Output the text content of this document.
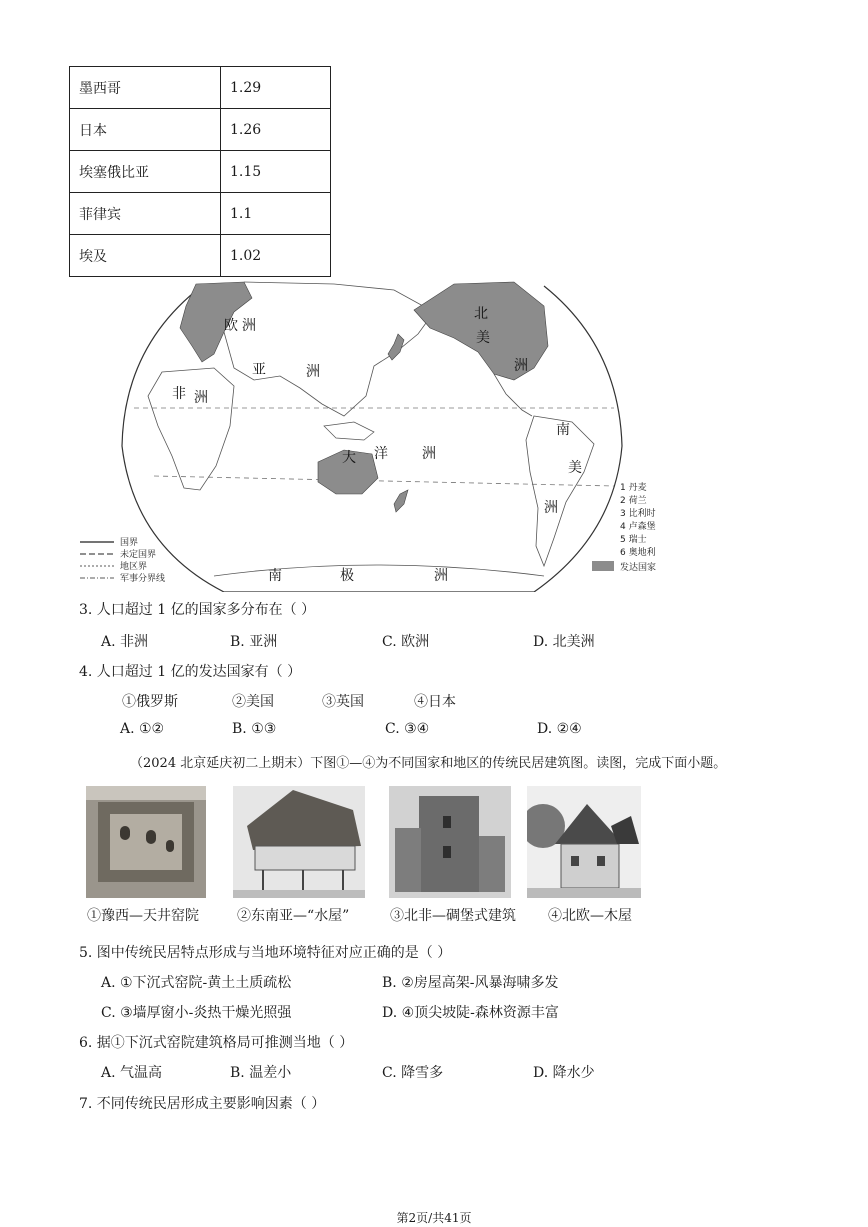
墨西哥	1.29
日本	1.26
埃塞俄比亚	1.15
菲律宾	1.1
埃及	1.02
欧 洲
亚	洲
非 洲
北
美
洲
大 洋 洲
南
美
洲
南	极	洲
国界
未定国界
地区界
军事分界线
1 丹麦
2 荷兰
3 比利时
4 卢森堡
5 瑞士
6 奥地利
发达国家
3. 人口超过 1 亿的国家多分布在（ ）
A. 非洲	B. 亚洲	C. 欧洲	D. 北美洲
4. 人口超过 1 亿的发达国家有（ ）
①俄罗斯	②美国	③英国	④日本
A. ①②	B. ①③	C. ③④	D. ②④
（2024 北京延庆初二上期末）下图①—④为不同国家和地区的传统民居建筑图。读图，完成下面小题。
①豫西—天井窑院	②东南亚—“水屋”	③北非—碉堡式建筑 ④北欧—木屋
5. 图中传统民居特点形成与当地环境特征对应正确的是（ ）
A. ①下沉式窑院-黄土土质疏松	B. ②房屋高架-风暴海啸多发
C. ③墙厚窗小-炎热干燥光照强	D. ④顶尖坡陡-森林资源丰富
6. 据①下沉式窑院建筑格局可推测当地（ ）
A. 气温高	B. 温差小	C. 降雪多	D. 降水少
7. 不同传统民居形成主要影响因素（ ）
第2页/共41页
